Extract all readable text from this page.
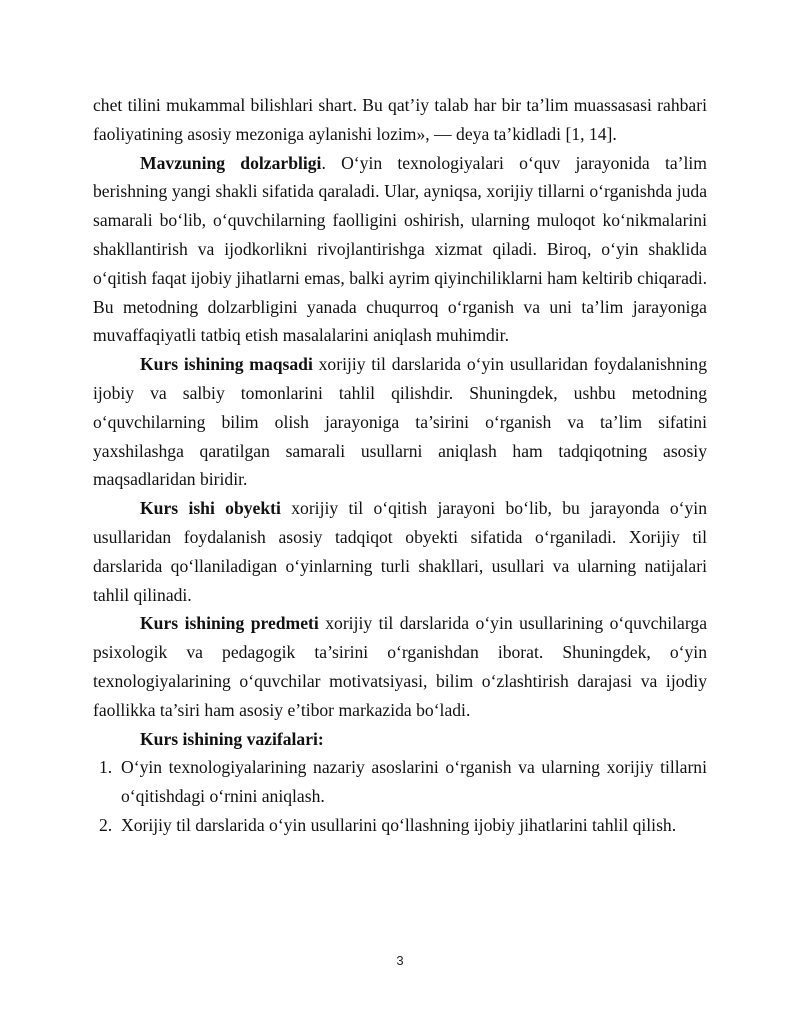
chet tilini mukammal bilishlari shart. Bu qat’iy talab har bir ta’lim muassasasi rahbari faoliyatining asosiy mezoniga aylanishi lozim», — deya ta’kidladi [1, 14].

Mavzuning dolzarbligi. O‘yin texnologiyalari o‘quv jarayonida ta’lim berishning yangi shakli sifatida qaraladi. Ular, ayniqsa, xorijiy tillarni o‘rganishda juda samarali bo‘lib, o‘quvchilarning faolligini oshirish, ularning muloqot ko‘nikmalarini shakllantirish va ijodkorlikni rivojlantirishga xizmat qiladi. Biroq, o‘yin shaklida o‘qitish faqat ijobiy jihatlarni emas, balki ayrim qiyinchiliklarni ham keltirib chiqaradi. Bu metodning dolzarbligini yanada chuqurroq o‘rganish va uni ta’lim jarayoniga muvaffaqiyatli tatbiq etish masalalarini aniqlash muhimdir.

Kurs ishining maqsadi xorijiy til darslarida o‘yin usullaridan foydalanishning ijobiy va salbiy tomonlarini tahlil qilishdir. Shuningdek, ushbu metodning o‘quvchilarning bilim olish jarayoniga ta’sirini o‘rganish va ta’lim sifatini yaxshilashga qaratilgan samarali usullarni aniqlash ham tadqiqotning asosiy maqsadlaridan biridir.

Kurs ishi obyekti xorijiy til o‘qitish jarayoni bo‘lib, bu jarayonda o‘yin usullaridan foydalanish asosiy tadqiqot obyekti sifatida o‘rganiladi. Xorijiy til darslarida qo‘llaniladigan o‘yinlarning turli shakllari, usullari va ularning natijalari tahlil qilinadi.

Kurs ishining predmeti xorijiy til darslarida o‘yin usullarining o‘quvchilarga psixologik va pedagogik ta’sirini o‘rganishdan iborat. Shuningdek, o‘yin texnologiyalarining o‘quvchilar motivatsiyasi, bilim o‘zlashtirish darajasi va ijodiy faollikka ta’siri ham asosiy e’tibor markazida bo‘ladi.

Kurs ishining vazifalari:

1. O‘yin texnologiyalarining nazariy asoslarini o‘rganish va ularning xorijiy tillarni o‘qitishdagi o‘rnini aniqlash.
2. Xorijiy til darslarida o‘yin usullarini qo‘llashning ijobiy jihatlarini tahlil qilish.
3
